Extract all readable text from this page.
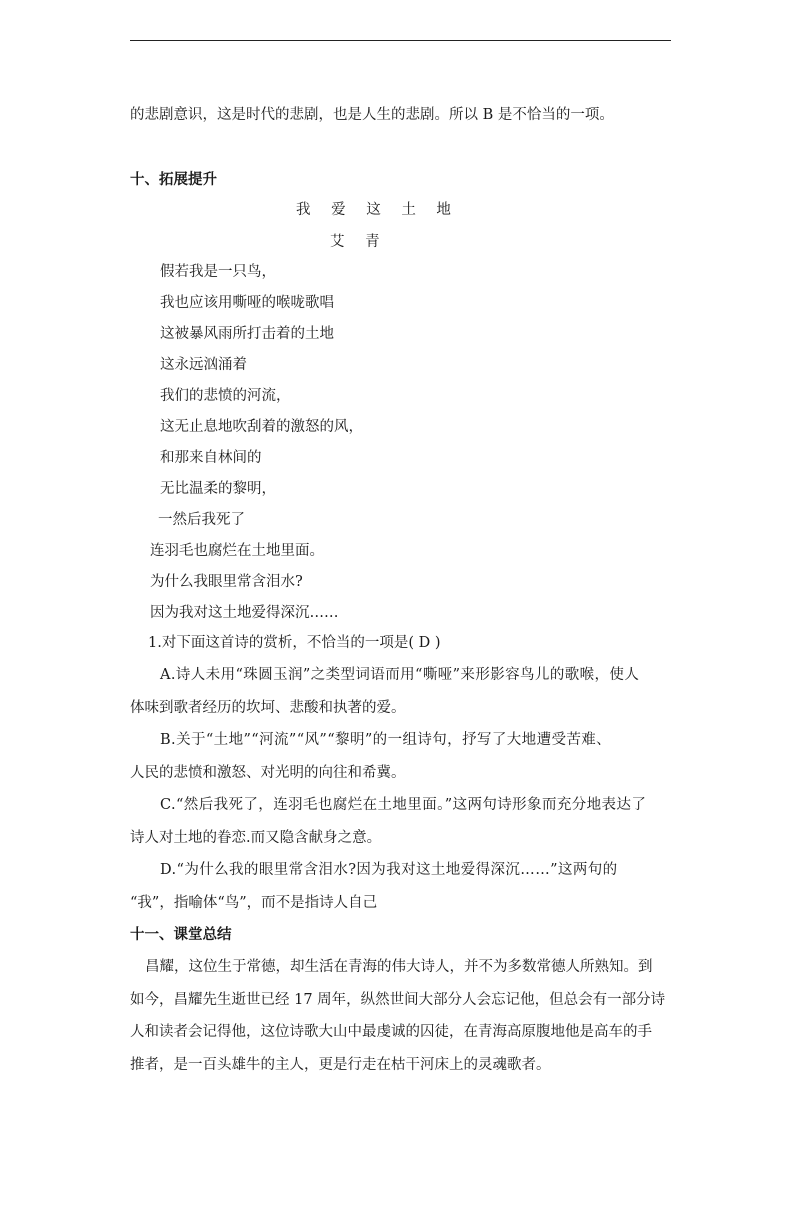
的悲剧意识，这是时代的悲剧，也是人生的悲剧。所以 B 是不恰当的一项。
十、拓展提升
我 爱 这 土 地
艾 青
假若我是一只鸟，
我也应该用嘶哑的喉咙歌唱
这被暴风雨所打击着的土地
这永远汹涌着
我们的悲愤的河流，
这无止息地吹刮着的激怒的风，
和那来自林间的
无比温柔的黎明，
一然后我死了
连羽毛也腐烂在土地里面。
为什么我眼里常含泪水?
因为我对这土地爱得深沉……
1.对下面这首诗的赏析，不恰当的一项是( D )
A.诗人未用“珠圆玉润”之类型词语而用“嘶哑”来形影容鸟儿的歌喉，使人
体味到歌者经历的坎坷、悲酸和执著的爱。
B.关于“土地”“河流”“风”“黎明”的一组诗句，抒写了大地遭受苦难、
人民的悲愤和激怒、对光明的向往和希冀。
C.“然后我死了，连羽毛也腐烂在土地里面。”这两句诗形象而充分地表达了
诗人对土地的眷恋.而又隐含献身之意。
D.“为什么我的眼里常含泪水?因为我对这土地爱得深沉……”这两句的
“我”，指喻体“鸟”，而不是指诗人自己
十一、课堂总结
昌耀，这位生于常德，却生活在青海的伟大诗人，并不为多数常德人所熟知。到
如今，昌耀先生逝世已经 17 周年，纵然世间大部分人会忘记他，但总会有一部分诗
人和读者会记得他，这位诗歌大山中最虔诚的囚徒，在青海高原腹地他是高车的手
推者，是一百头雄牛的主人，更是行走在枯干河床上的灵魂歌者。
